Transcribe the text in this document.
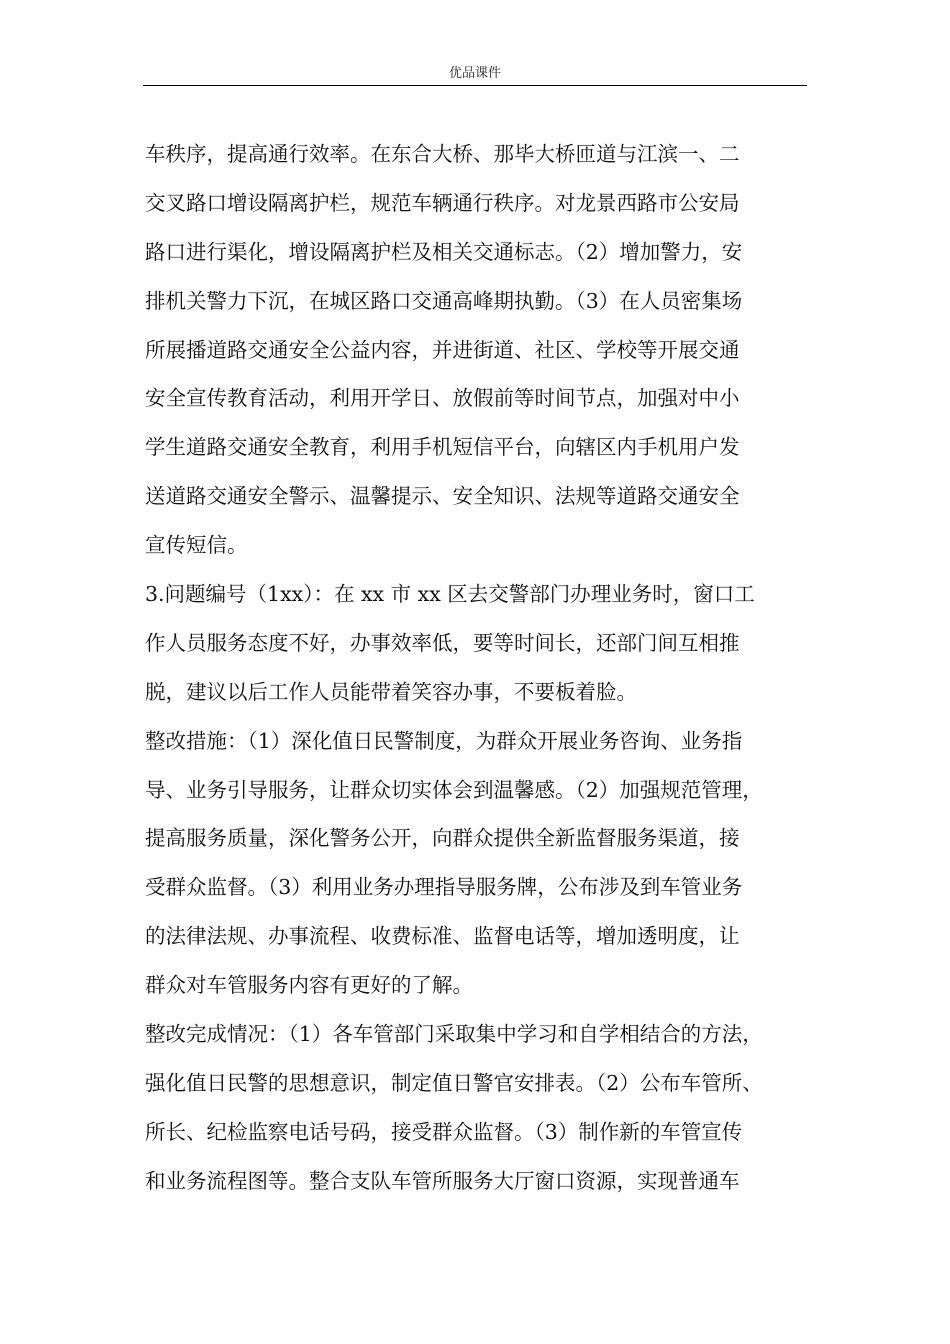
优品课件
车秩序，提高通行效率。在东合大桥、那毕大桥匝道与江滨一、二
交叉路口增设隔离护栏，规范车辆通行秩序。对龙景西路市公安局
路口进行渠化，增设隔离护栏及相关交通标志。（2）增加警力，安
排机关警力下沉，在城区路口交通高峰期执勤。（3）在人员密集场
所展播道路交通安全公益内容，并进街道、社区、学校等开展交通
安全宣传教育活动，利用开学日、放假前等时间节点，加强对中小
学生道路交通安全教育，利用手机短信平台，向辖区内手机用户发
送道路交通安全警示、温馨提示、安全知识、法规等道路交通安全
宣传短信。
3.问题编号（1xx）：在 xx 市 xx 区去交警部门办理业务时，窗口工
作人员服务态度不好，办事效率低，要等时间长，还部门间互相推
脱，建议以后工作人员能带着笑容办事，不要板着脸。
整改措施：（1）深化值日民警制度，为群众开展业务咨询、业务指
导、业务引导服务，让群众切实体会到温馨感。（2）加强规范管理，
提高服务质量，深化警务公开，向群众提供全新监督服务渠道，接
受群众监督。（3）利用业务办理指导服务牌，公布涉及到车管业务
的法律法规、办事流程、收费标准、监督电话等，增加透明度，让
群众对车管服务内容有更好的了解。
整改完成情况：（1）各车管部门采取集中学习和自学相结合的方法，
强化值日民警的思想意识，制定值日警官安排表。（2）公布车管所、
所长、纪检监察电话号码，接受群众监督。（3）制作新的车管宣传
和业务流程图等。整合支队车管所服务大厅窗口资源，实现普通车
